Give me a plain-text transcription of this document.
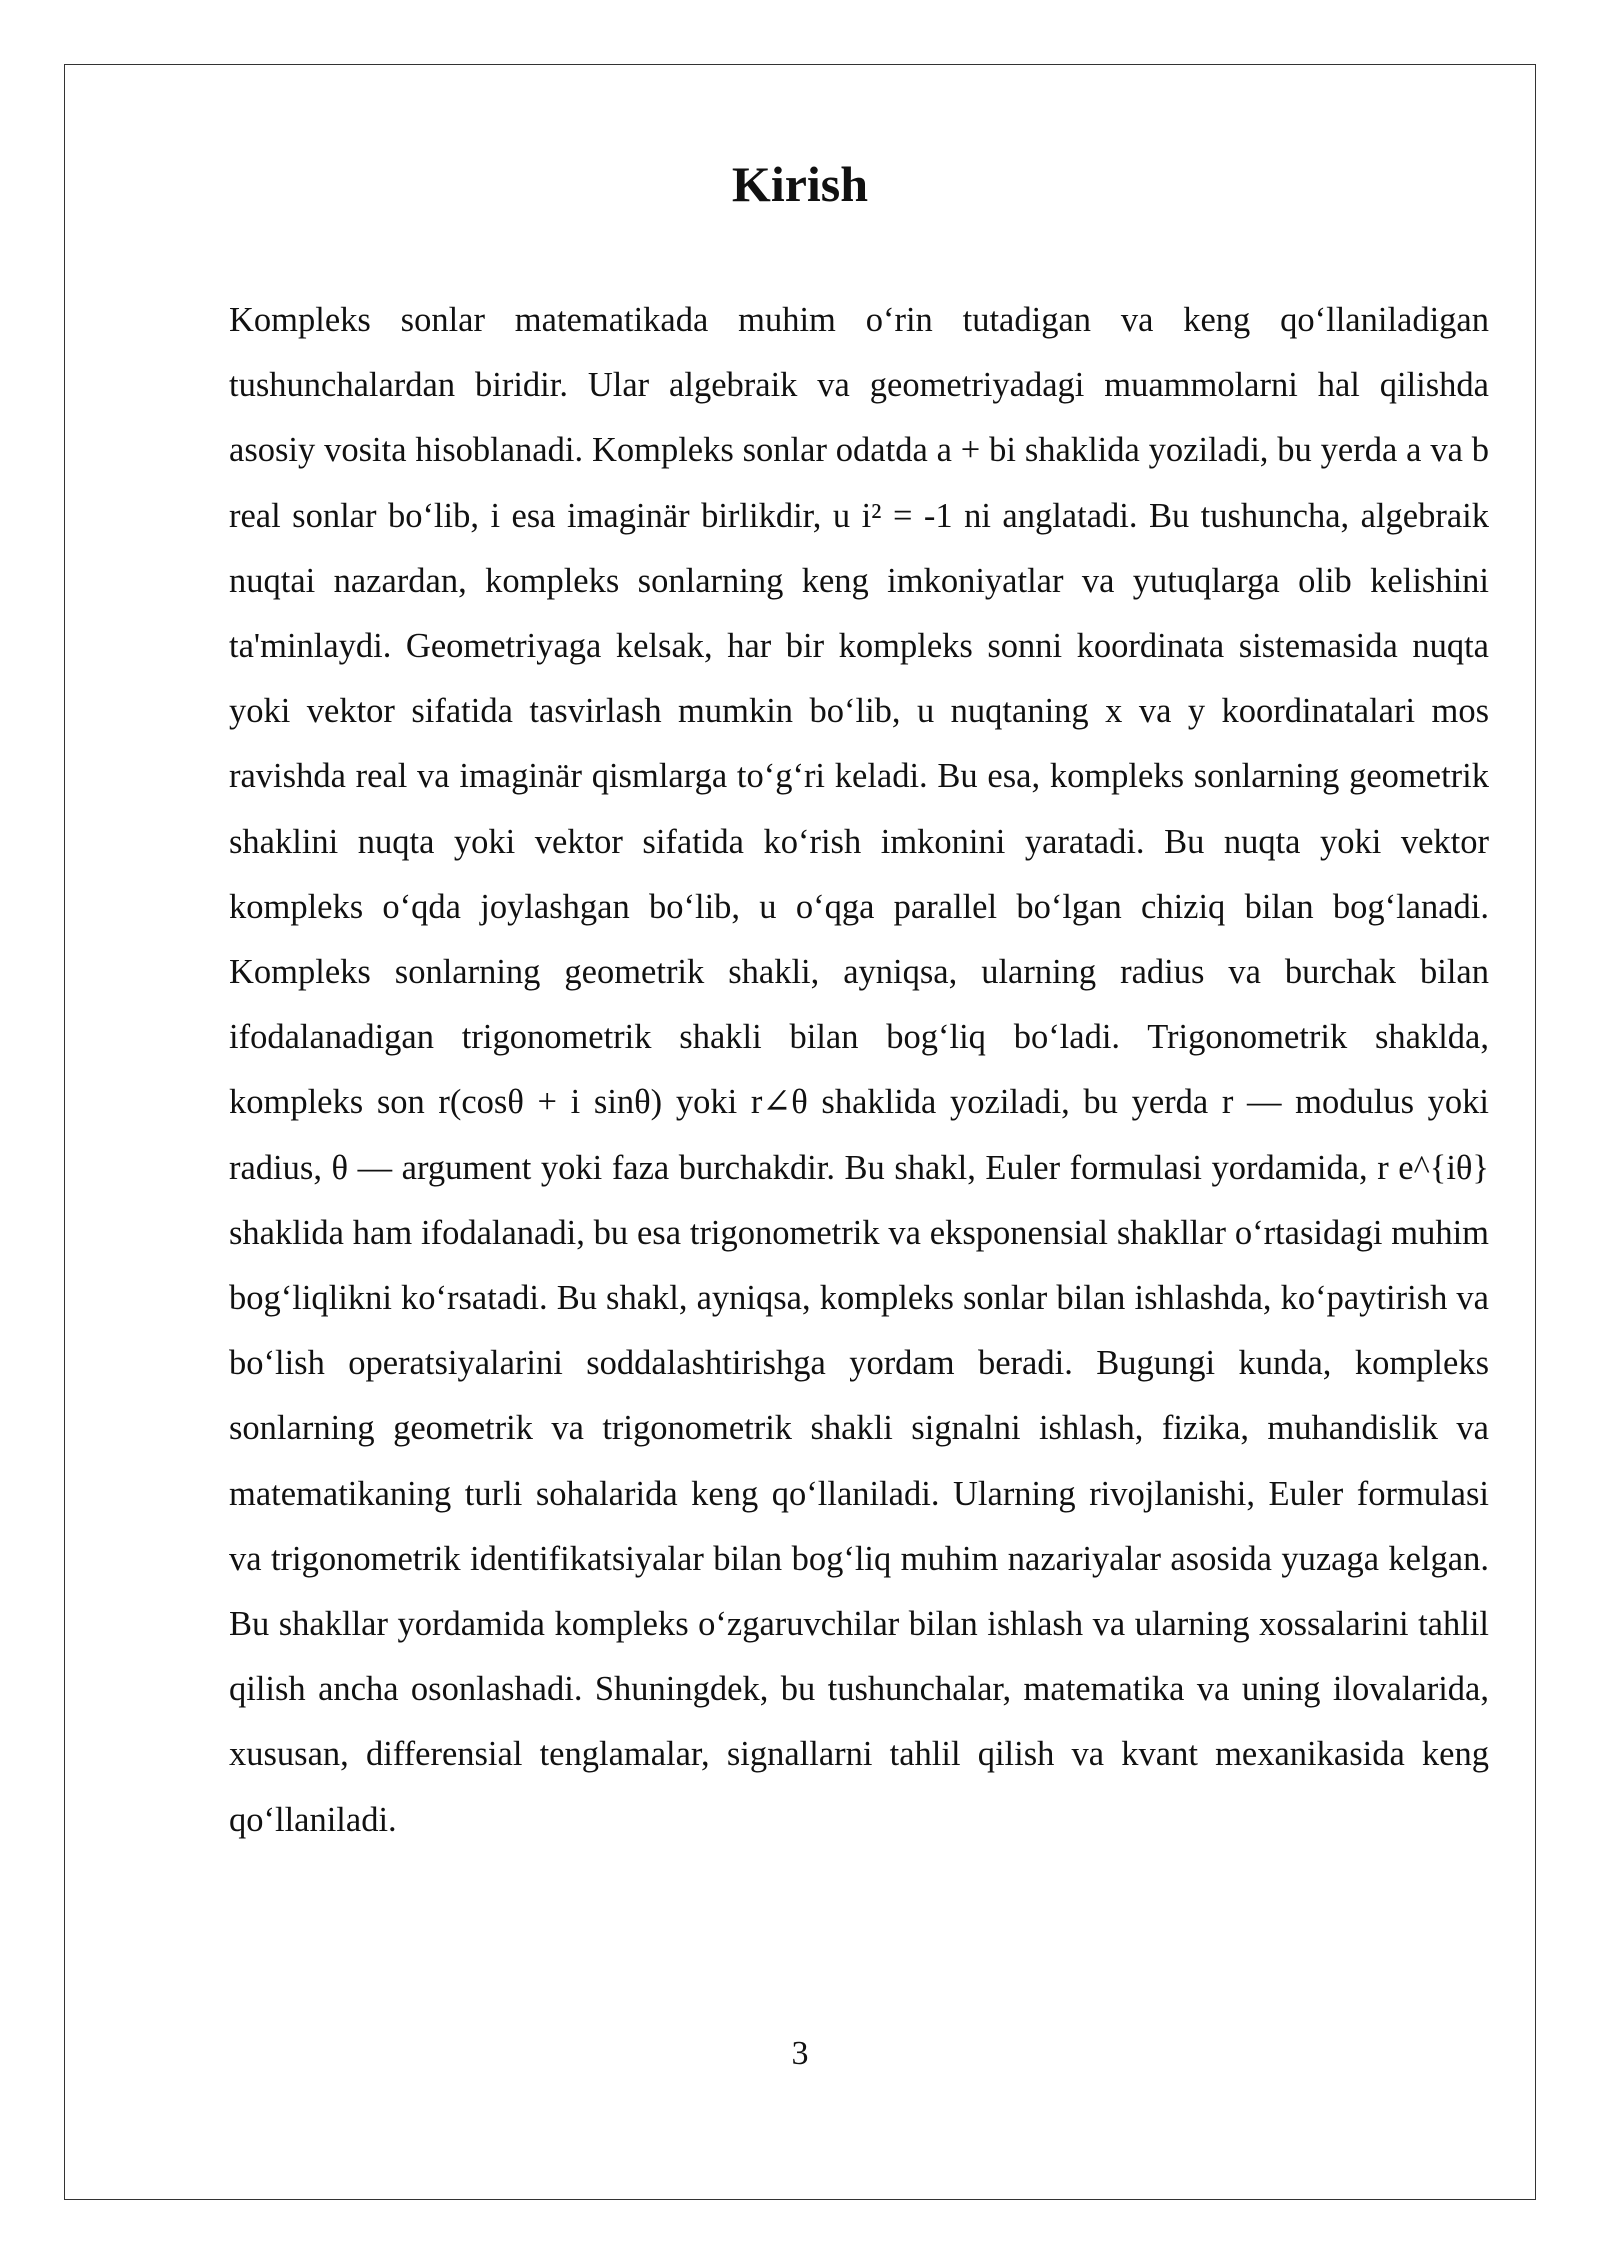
Kirish

Kompleks sonlar matematikada muhim o‘rin tutadigan va keng qo‘llaniladigan tushunchalardan biridir. Ular algebraik va geometriyadagi muammolarni hal qilishda asosiy vosita hisoblanadi. Kompleks sonlar odatda a + bi shaklida yoziladi, bu yerda a va b real sonlar bo‘lib, i esa imaginär birlikdir, u i² = -1 ni anglatadi. Bu tushuncha, algebraik nuqtai nazardan, kompleks sonlarning keng imkoniyatlar va yutuqlarga olib kelishini ta'minlaydi. Geometriyaga kelsak, har bir kompleks sonni koordinata sistemasida nuqta yoki vektor sifatida tasvirlash mumkin bo‘lib, u nuqtaning x va y koordinatalari mos ravishda real va imaginär qismlarga to‘g‘ri keladi. Bu esa, kompleks sonlarning geometrik shaklini nuqta yoki vektor sifatida ko‘rish imkonini yaratadi. Bu nuqta yoki vektor kompleks o‘qda joylashgan bo‘lib, u o‘qga parallel bo‘lgan chiziq bilan bog‘lanadi. Kompleks sonlarning geometrik shakli, ayniqsa, ularning radius va burchak bilan ifodalanadigan trigonometrik shakli bilan bog‘liq bo‘ladi. Trigonometrik shaklda, kompleks son r(cosθ + i sinθ) yoki r∠θ shaklida yoziladi, bu yerda r — modulus yoki radius, θ — argument yoki faza burchakdir. Bu shakl, Euler formulasi yordamida, r e^{iθ} shaklida ham ifodalanadi, bu esa trigonometrik va eksponensial shakllar o‘rtasidagi muhim bog‘liqlikni ko‘rsatadi. Bu shakl, ayniqsa, kompleks sonlar bilan ishlashda, ko‘paytirish va bo‘lish operatsiyalarini soddalashtirishga yordam beradi. Bugungi kunda, kompleks sonlarning geometrik va trigonometrik shakli signalni ishlash, fizika, muhandislik va matematikaning turli sohalarida keng qo‘llaniladi. Ularning rivojlanishi, Euler formulasi va trigonometrik identifikatsiyalar bilan bog‘liq muhim nazariyalar asosida yuzaga kelgan. Bu shakllar yordamida kompleks o‘zgaruvchilar bilan ishlash va ularning xossalarini tahlil qilish ancha osonlashadi. Shuningdek, bu tushunchalar, matematika va uning ilovalarida, xususan, differensial tenglamalar, signallarni tahlil qilish va kvant mexanikasida keng qo‘llaniladi.

3
